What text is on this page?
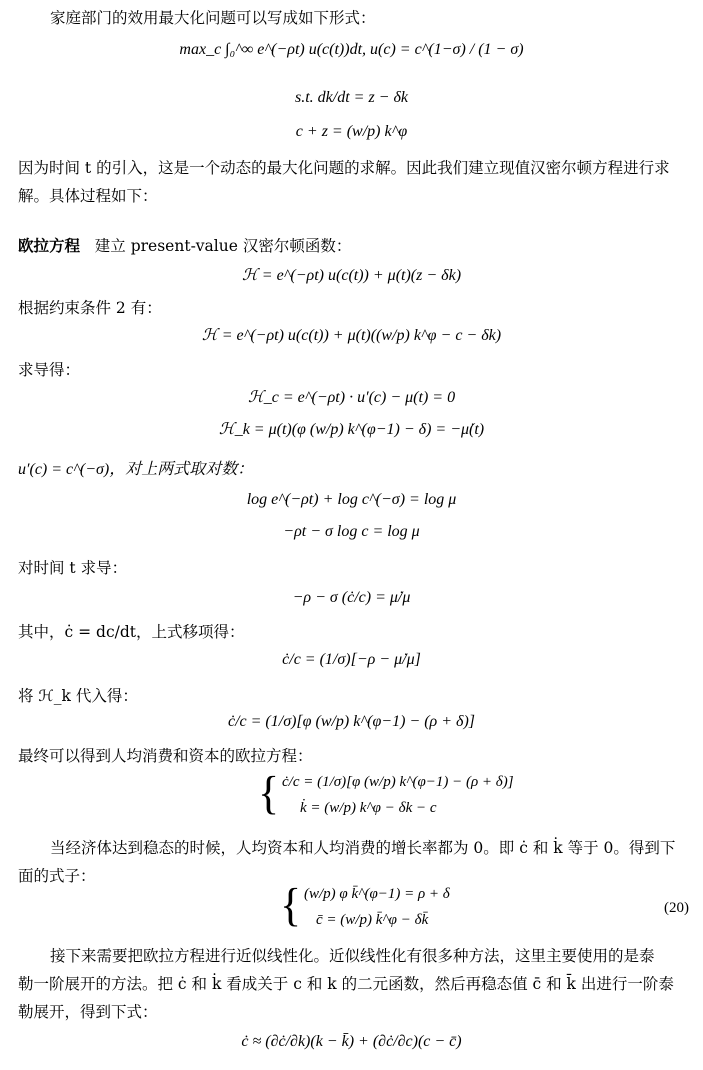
家庭部门的效用最大化问题可以写成如下形式：
max_c ∫₀^∞ e^(−ρt) u(c(t))dt, u(c) = c^(1−σ) / (1 − σ)
s.t. dk/dt = z − δk
c + z = (w/p) k^φ
因为时间 t 的引入，这是一个动态的最大化问题的求解。因此我们建立现值汉密尔顿方程进行求
解。具体过程如下：
欧拉方程 建立 present-value 汉密尔顿函数：
ℋ = e^(−ρt) u(c(t)) + μ(t)(z − δk)
根据约束条件 2 有：
ℋ = e^(−ρt) u(c(t)) + μ(t)((w/p) k^φ − c − δk)
求导得：
ℋ_c = e^(−ρt) · u′(c) − μ(t) = 0
ℋ_k = μ(t)(φ (w/p) k^(φ−1) − δ) = −μ̇(t)
u′(c) = c^(−σ)，对上两式取对数：
log e^(−ρt) + log c^(−σ) = log μ
−ρt − σ log c = log μ
对时间 t 求导：
−ρ − σ (ċ/c) = μ̇/μ
其中，ċ = dc/dt，上式移项得：
ċ/c = (1/σ)[−ρ − μ̇/μ]
将 ℋ_k 代入得：
ċ/c = (1/σ)[φ (w/p) k^(φ−1) − (ρ + δ)]
最终可以得到人均消费和资本的欧拉方程：
{ ċ/c = (1/σ)[φ (w/p) k^(φ−1) − (ρ + δ)]
k̇ = (w/p) k^φ − δk − c
当经济体达到稳态的时候，人均资本和人均消费的增长率都为 0。即 ċ 和 k̇ 等于 0。得到下
面的式子：
{ (w/p) φ k̄^(φ−1) = ρ + δ
c̄ = (w/p) k̄^φ − δk̄
(20)
接下来需要把欧拉方程进行近似线性化。近似线性化有很多种方法，这里主要使用的是泰
勒一阶展开的方法。把 ċ 和 k̇ 看成关于 c 和 k 的二元函数，然后再稳态值 c̄ 和 k̄ 出进行一阶泰
勒展开，得到下式：
ċ ≈ (∂ċ/∂k)(k − k̄) + (∂ċ/∂c)(c − c̄)
